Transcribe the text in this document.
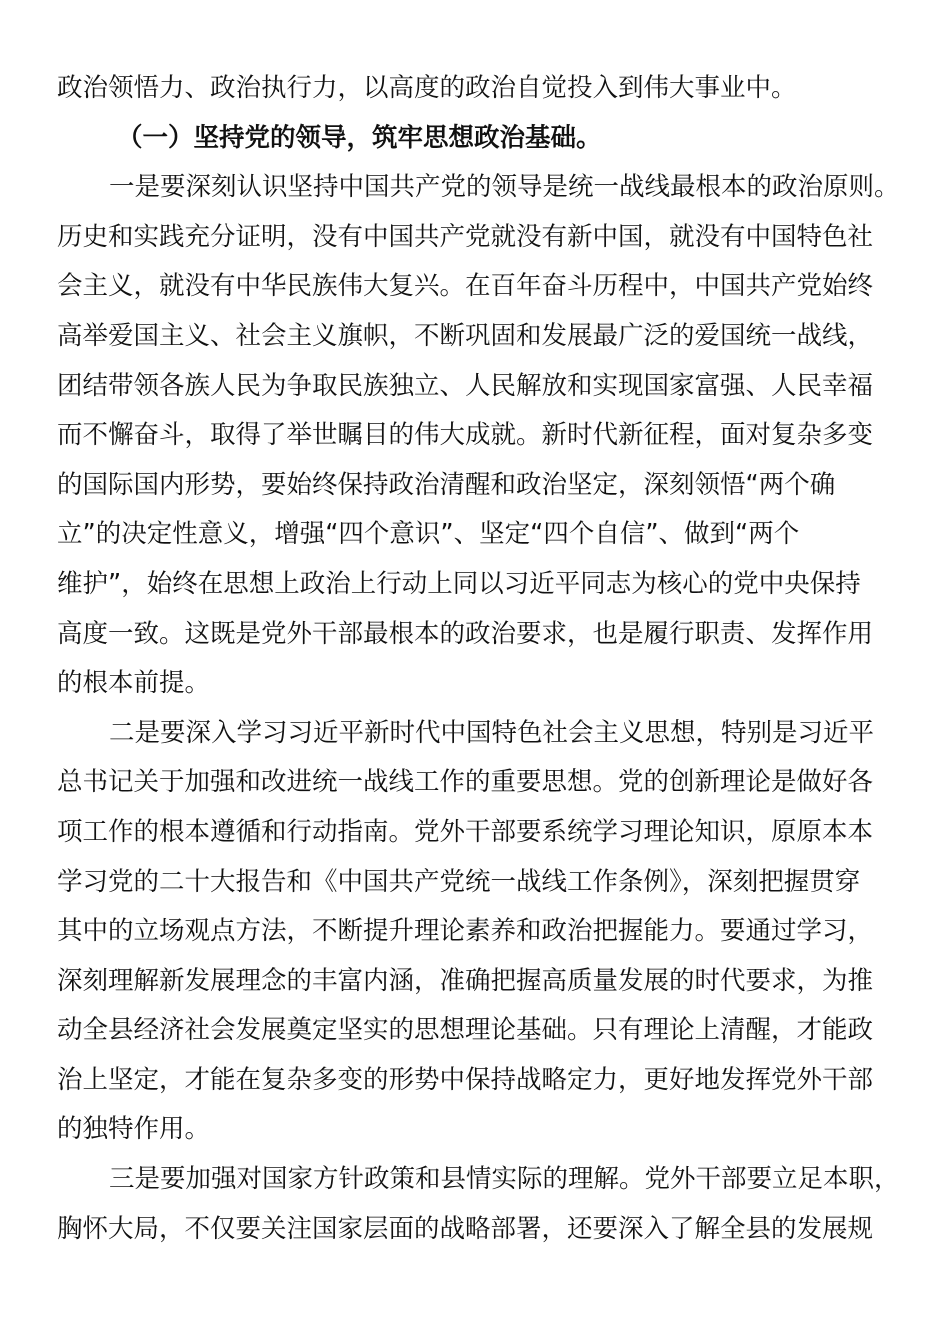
政治领悟力、政治执行力，以高度的政治自觉投入到伟大事业中。
（一）坚持党的领导，筑牢思想政治基础。
一是要深刻认识坚持中国共产党的领导是统一战线最根本的政治原则。
历史和实践充分证明，没有中国共产党就没有新中国，就没有中国特色社
会主义，就没有中华民族伟大复兴。在百年奋斗历程中，中国共产党始终
高举爱国主义、社会主义旗帜，不断巩固和发展最广泛的爱国统一战线，
团结带领各族人民为争取民族独立、人民解放和实现国家富强、人民幸福
而不懈奋斗，取得了举世瞩目的伟大成就。新时代新征程，面对复杂多变
的国际国内形势，要始终保持政治清醒和政治坚定，深刻领悟“两个确
立”的决定性意义，增强“四个意识”、坚定“四个自信”、做到“两个
维护”，始终在思想上政治上行动上同以习近平同志为核心的党中央保持
高度一致。这既是党外干部最根本的政治要求，也是履行职责、发挥作用
的根本前提。
二是要深入学习习近平新时代中国特色社会主义思想，特别是习近平
总书记关于加强和改进统一战线工作的重要思想。党的创新理论是做好各
项工作的根本遵循和行动指南。党外干部要系统学习理论知识，原原本本
学习党的二十大报告和《中国共产党统一战线工作条例》，深刻把握贯穿
其中的立场观点方法，不断提升理论素养和政治把握能力。要通过学习，
深刻理解新发展理念的丰富内涵，准确把握高质量发展的时代要求，为推
动全县经济社会发展奠定坚实的思想理论基础。只有理论上清醒，才能政
治上坚定，才能在复杂多变的形势中保持战略定力，更好地发挥党外干部
的独特作用。
三是要加强对国家方针政策和县情实际的理解。党外干部要立足本职，
胸怀大局，不仅要关注国家层面的战略部署，还要深入了解全县的发展规
